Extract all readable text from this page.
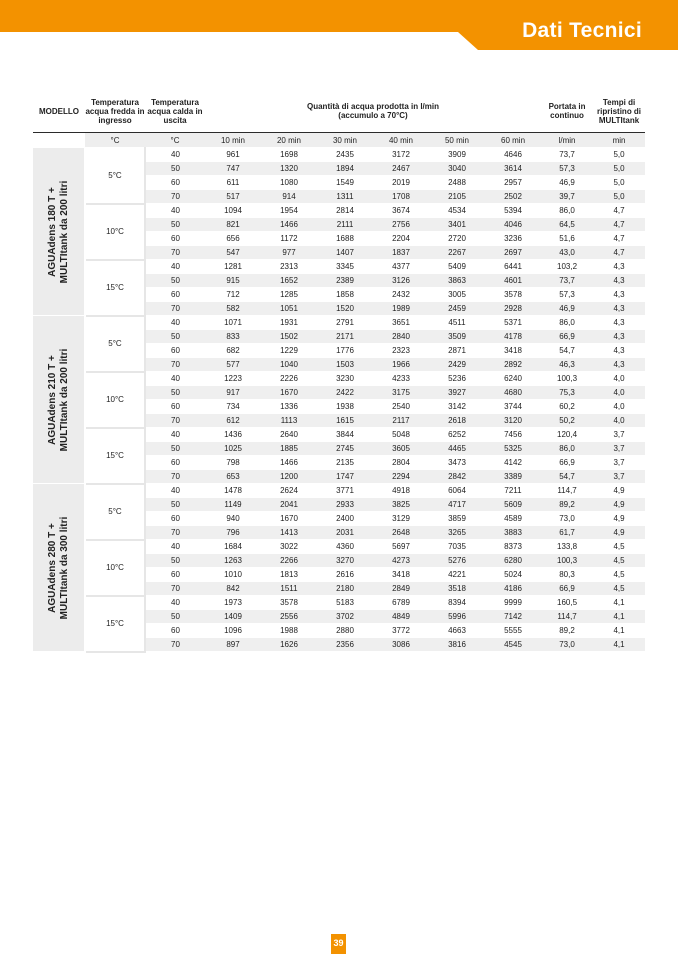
Dati Tecnici
MODELLO	Temperatura acqua fredda in ingresso	Temperatura acqua calda in uscita	Quantità di acqua prodotta in l/min (accumulo a 70°C)						Portata in continuo	Tempi di ripristino di MULTItank
	°C	°C	10 min	20 min	30 min	40 min	50 min	60 min	l/min	min

AGUAdens 180 T + MULTItank da 200 litri	5°C	40	961	1698	2435	3172	3909	4646	73,7	5,0
		50	747	1320	1894	2467	3040	3614	57,3	5,0
		60	611	1080	1549	2019	2488	2957	46,9	5,0
		70	517	914	1311	1708	2105	2502	39,7	5,0
	10°C	40	1094	1954	2814	3674	4534	5394	86,0	4,7
		50	821	1466	2111	2756	3401	4046	64,5	4,7
		60	656	1172	1688	2204	2720	3236	51,6	4,7
		70	547	977	1407	1837	2267	2697	43,0	4,7
	15°C	40	1281	2313	3345	4377	5409	6441	103,2	4,3
		50	915	1652	2389	3126	3863	4601	73,7	4,3
		60	712	1285	1858	2432	3005	3578	57,3	4,3
		70	582	1051	1520	1989	2459	2928	46,9	4,3

AGUAdens 210 T + MULTItank da 200 litri	5°C	40	1071	1931	2791	3651	4511	5371	86,0	4,3
		50	833	1502	2171	2840	3509	4178	66,9	4,3
		60	682	1229	1776	2323	2871	3418	54,7	4,3
		70	577	1040	1503	1966	2429	2892	46,3	4,3
	10°C	40	1223	2226	3230	4233	5236	6240	100,3	4,0
		50	917	1670	2422	3175	3927	4680	75,3	4,0
		60	734	1336	1938	2540	3142	3744	60,2	4,0
		70	612	1113	1615	2117	2618	3120	50,2	4,0
	15°C	40	1436	2640	3844	5048	6252	7456	120,4	3,7
		50	1025	1885	2745	3605	4465	5325	86,0	3,7
		60	798	1466	2135	2804	3473	4142	66,9	3,7
		70	653	1200	1747	2294	2842	3389	54,7	3,7

AGUAdens 280 T + MULTItank da 300 litri	5°C	40	1478	2624	3771	4918	6064	7211	114,7	4,9
		50	1149	2041	2933	3825	4717	5609	89,2	4,9
		60	940	1670	2400	3129	3859	4589	73,0	4,9
		70	796	1413	2031	2648	3265	3883	61,7	4,9
	10°C	40	1684	3022	4360	5697	7035	8373	133,8	4,5
		50	1263	2266	3270	4273	5276	6280	100,3	4,5
		60	1010	1813	2616	3418	4221	5024	80,3	4,5
		70	842	1511	2180	2849	3518	4186	66,9	4,5
	15°C	40	1973	3578	5183	6789	8394	9999	160,5	4,1
		50	1409	2556	3702	4849	5996	7142	114,7	4,1
		60	1096	1988	2880	3772	4663	5555	89,2	4,1
		70	897	1626	2356	3086	3816	4545	73,0	4,1
39
